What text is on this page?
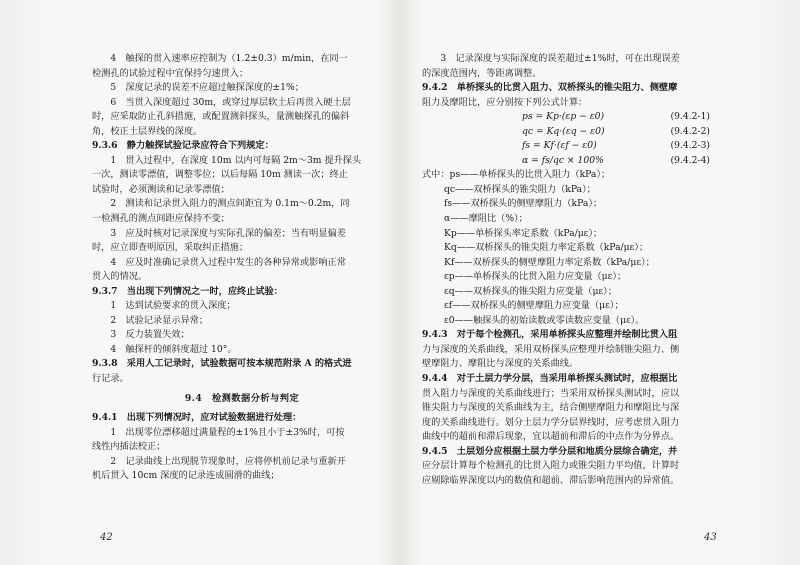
4　触探的贯入速率应控制为（1.2±0.3）m/min，在同一
检测孔的试验过程中宜保持匀速贯入；
5　深度记录的误差不应超过触探深度的±1%；
6　当贯入深度超过 30m，或穿过厚层软土后再贯入硬土层
时，应采取防止孔斜措施，或配置测斜探头，量测触探孔的偏斜
角，校正土层界线的深度。
9.3.6　静力触探试验记录应符合下列规定：
1　贯入过程中，在深度 10m 以内可每隔 2m～3m 提升探头
一次，测读零漂值，调整零位；以后每隔 10m 测读一次；终止
试验时，必须测读和记录零漂值；
2　测读和记录贯入阻力的测点间距宜为 0.1m～0.2m，同
一检测孔的测点间距应保持不变；
3　应及时核对记录深度与实际孔深的偏差；当有明显偏差
时，应立即查明原因，采取纠正措施；
4　应及时准确记录贯入过程中发生的各种异常或影响正常
贯入的情况。
9.3.7　当出现下列情况之一时，应终止试验：
1　达到试验要求的贯入深度；
2　试验记录显示异常；
3　反力装置失效；
4　触探杆的倾斜度超过 10°。
9.3.8　采用人工记录时，试验数据可按本规范附录 A 的格式进
行记录。
9.4　检测数据分析与判定
9.4.1　出现下列情况时，应对试验数据进行处理：
1　出现零位漂移超过满量程的±1%且小于±3%时，可按
线性内插法校正；
2　记录曲线上出现脱节现象时，应将停机前记录与重新开
机后贯入 10cm 深度的记录连成圆滑的曲线；
3　记录深度与实际深度的误差超过±1%时，可在出现误差
的深度范围内，等距离调整。
9.4.2　单桥探头的比贯入阻力、双桥探头的锥尖阻力、侧壁摩
阻力及摩阻比，应分别按下列公式计算：
ps = Kp·(εp − ε0)	(9.4.2-1)
qc = Kq·(εq − ε0)	(9.4.2-2)
fs = Kf·(εf − ε0)	(9.4.2-3)
α = fs/qc × 100%	(9.4.2-4)
式中：ps——单桥探头的比贯入阻力（kPa）；
qc——双桥探头的锥尖阻力（kPa）；
fs——双桥探头的侧壁摩阻力（kPa）；
α——摩阻比（%）；
Kp——单桥探头率定系数（kPa/με）；
Kq——双桥探头的锥尖阻力率定系数（kPa/με）；
Kf——双桥探头的侧壁摩阻力率定系数（kPa/με）；
εp——单桥探头的比贯入阻力应变量（με）；
εq——双桥探头的锥尖阻力应变量（με）；
εf——双桥探头的侧壁摩阻力应变量（με）；
ε0——触探头的初始读数或零读数应变量（με）。
9.4.3　对于每个检测孔，采用单桥探头应整理并绘制比贯入阻
力与深度的关系曲线，采用双桥探头应整理并绘制锥尖阻力、侧
壁摩阻力、摩阻比与深度的关系曲线。
9.4.4　对于土层力学分层，当采用单桥探头测试时，应根据比
贯入阻力与深度的关系曲线进行；当采用双桥探头测试时，应以
锥尖阻力与深度的关系曲线为主，结合侧壁摩阻力和摩阻比与深
度的关系曲线进行。划分土层力学分层界线时，应考虑贯入阻力
曲线中的超前和滞后现象，宜以超前和滞后的中点作为分界点。
9.4.5　土层划分应根据土层力学分层和地质分层综合确定，并
应分层计算每个检测孔的比贯入阻力或锥尖阻力平均值，计算时
应剔除临界深度以内的数值和超前、滞后影响范围内的异常值。
42	43
